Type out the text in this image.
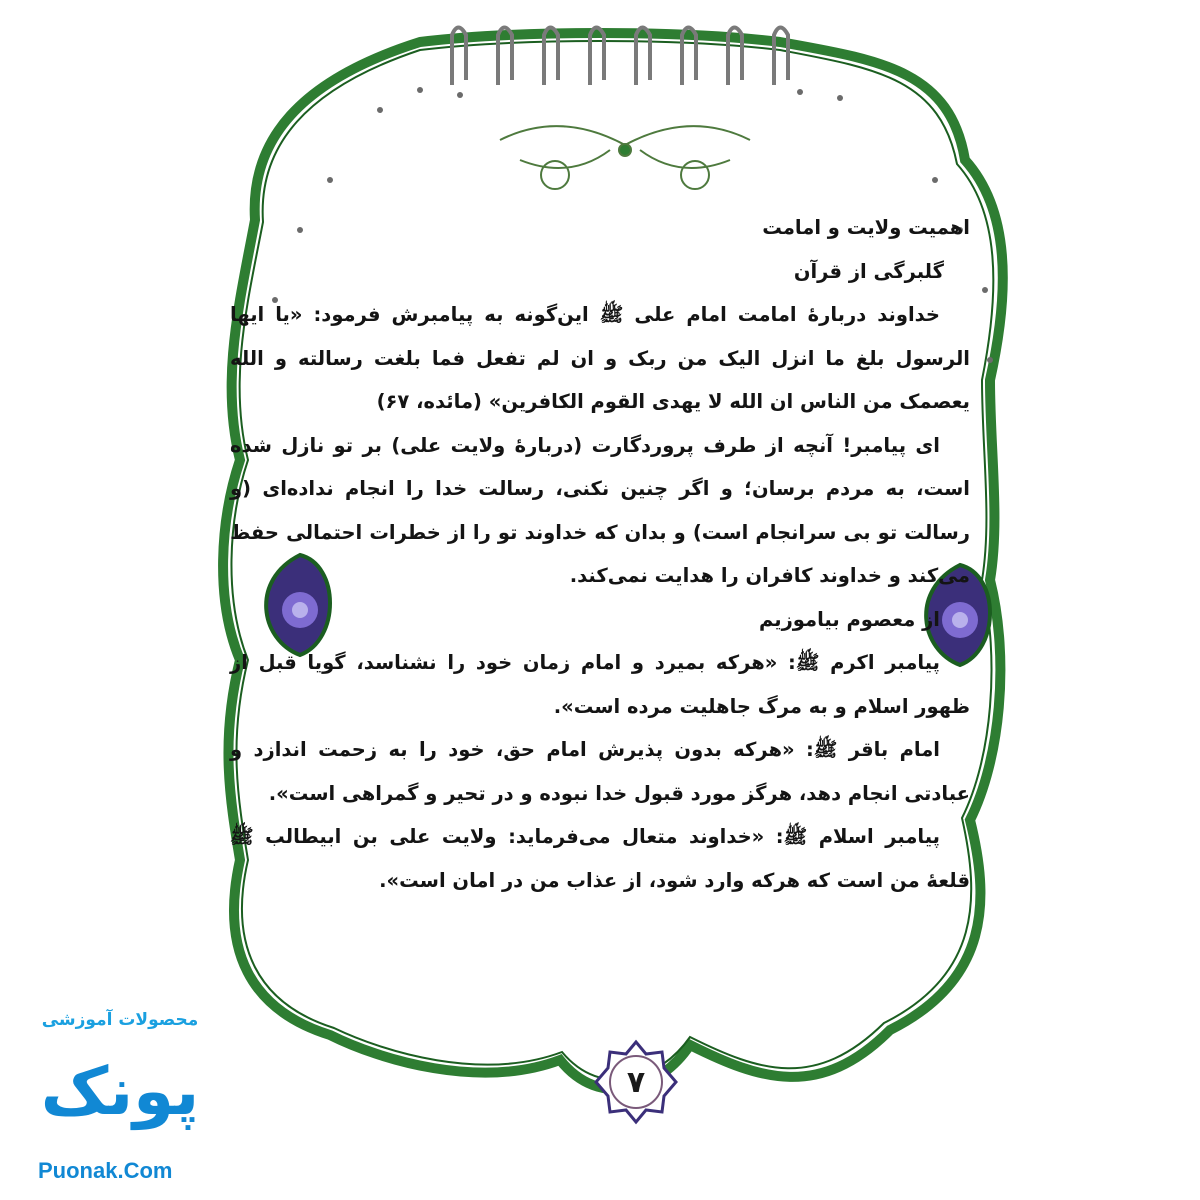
اهمیت ولایت و امامت

گلبرگی از قرآن

خداوند دربارۀ امامت امام علی ﷺ این‌گونه به پیامبرش فرمود: «یا ایها الرسول بلغ ما انزل الیک من ربک و ان لم تفعل فما بلغت رسالته و الله یعصمک من الناس ان الله لا یهدی القوم الکافرین» (مائده، ۶۷)

ای پیامبر! آنچه از طرف پروردگارت (دربارۀ ولایت علی) بر تو نازل شده است، به مردم برسان؛ و اگر چنین نکنی، رسالت خدا را انجام نداده‌ای (و رسالت تو بی سرانجام است) و بدان که خداوند تو را از خطرات احتمالی حفظ می‌کند و خداوند کافران را هدایت نمی‌کند.

از معصوم بیاموزیم

پیامبر اکرم ﷺ: «هرکه بمیرد و امام زمان خود را نشناسد، گویا قبل از ظهور اسلام و به مرگ جاهلیت مرده است».

امام باقر ﷺ: «هرکه بدون پذیرش امام حق، خود را به زحمت اندازد و عبادتی انجام دهد، هرگز مورد قبول خدا نبوده و در تحیر و گمراهی است».

پیامبر اسلام ﷺ: «خداوند متعال می‌فرماید: ولایت علی بن ابیطالب ﷺ قلعۀ من است که هرکه وارد شود، از عذاب من در امان است».

۷
محصولات آموزشی
پونک
Puonak.Com
